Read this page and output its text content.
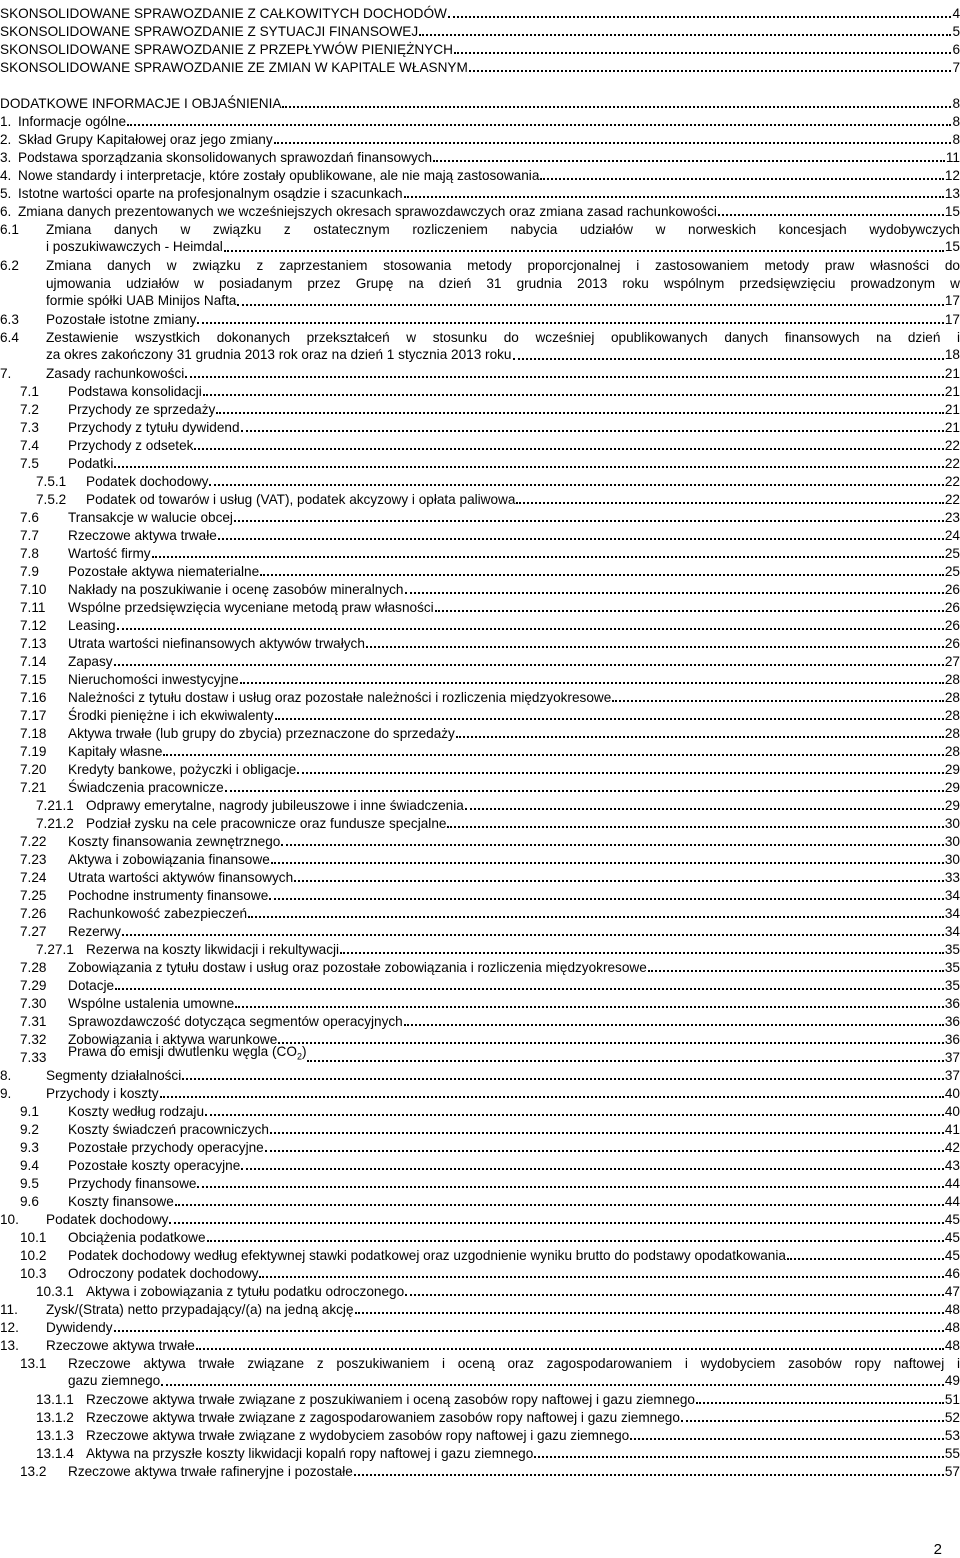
SKONSOLIDOWANE SPRAWOZDANIE Z CAŁKOWITYCH DOCHODÓW	4
SKONSOLIDOWANE SPRAWOZDANIE Z SYTUACJI FINANSOWEJ	5
SKONSOLIDOWANE SPRAWOZDANIE Z PRZEPŁYWÓW PIENIĘŻNYCH	6
SKONSOLIDOWANE SPRAWOZDANIE ZE ZMIAN W KAPITALE WŁASNYM	7
DODATKOWE INFORMACJE I OBJAŚNIENIA	8
1. Informacje ogólne	8
2. Skład Grupy Kapitałowej oraz jego zmiany	8
3. Podstawa sporządzania skonsolidowanych sprawozdań finansowych	11
4. Nowe standardy i interpretacje, które zostały opublikowane, ale nie mają zastosowania	12
5. Istotne wartości oparte na profesjonalnym osądzie i szacunkach	13
6. Zmiana danych prezentowanych we wcześniejszych okresach sprawozdawczych oraz zmiana zasad rachunkowości	15
6.1 Zmiana danych w związku z ostatecznym rozliczeniem nabycia udziałów w norweskich koncesjach wydobywczych
i poszukiwawczych - Heimdal	15
6.2 Zmiana danych w związku z zaprzestaniem stosowania metody proporcjonalnej i zastosowaniem metody praw własności do
ujmowania udziałów w posiadanym przez Grupę na dzień 31 grudnia 2013 roku wspólnym przedsięwzięciu prowadzonym w
formie spółki UAB Minijos Nafta	17
6.3 Pozostałe istotne zmiany	17
6.4 Zestawienie wszystkich dokonanych przekształceń w stosunku do wcześniej opublikowanych danych finansowych na dzień i
za okres zakończony 31 grudnia 2013 rok oraz na dzień 1 stycznia 2013 roku	18
7.	Zasady rachunkowości	21
7.1 Podstawa konsolidacji	21
7.2 Przychody ze sprzedaży	21
7.3 Przychody z tytułu dywidend	21
7.4 Przychody z odsetek	22
7.5 Podatki	22
7.5.1 Podatek dochodowy	22
7.5.2 Podatek od towarów i usług (VAT), podatek akcyzowy i opłata paliwowa	22
7.6 Transakcje w walucie obcej	23
7.7 Rzeczowe aktywa trwałe	24
7.8 Wartość firmy	25
7.9 Pozostałe aktywa niematerialne	25
7.10 Nakłady na poszukiwanie i ocenę zasobów mineralnych	26
7.11 Wspólne przedsięwzięcia wyceniane metodą praw własności	26
7.12 Leasing	26
7.13 Utrata wartości niefinansowych aktywów trwałych	26
7.14 Zapasy	27
7.15 Nieruchomości inwestycyjne	28
7.16 Należności z tytułu dostaw i usług oraz pozostałe należności i rozliczenia międzyokresowe	28
7.17 Środki pieniężne i ich ekwiwalenty	28
7.18 Aktywa trwałe (lub grupy do zbycia) przeznaczone do sprzedaży	28
7.19 Kapitały własne	28
7.20 Kredyty bankowe, pożyczki i obligacje	29
7.21 Świadczenia pracownicze	29
7.21.1 Odprawy emerytalne, nagrody jubileuszowe i inne świadczenia	29
7.21.2 Podział zysku na cele pracownicze oraz fundusze specjalne	30
7.22 Koszty finansowania zewnętrznego	30
7.23 Aktywa i zobowiązania finansowe	30
7.24 Utrata wartości aktywów finansowych	33
7.25 Pochodne instrumenty finansowe	34
7.26 Rachunkowość zabezpieczeń	34
7.27 Rezerwy	34
7.27.1 Rezerwa na koszty likwidacji i rekultywacji	35
7.28 Zobowiązania z tytułu dostaw i usług oraz pozostałe zobowiązania i rozliczenia międzyokresowe	35
7.29 Dotacje	35
7.30 Wspólne ustalenia umowne	36
7.31 Sprawozdawczość dotycząca segmentów operacyjnych	36
7.32 Zobowiązania i aktywa warunkowe	36
7.33 Prawa do emisji dwutlenku węgla $(CO_2)$	37
8.	Segmenty działalności	37
9.	Przychody i koszty	40
9.1 Koszty według rodzaju	40
9.2 Koszty świadczeń pracowniczych	41
9.3 Pozostałe przychody operacyjne	42
9.4 Pozostałe koszty operacyjne	43
9.5 Przychody finansowe	44
9.6 Koszty finansowe	44
10. Podatek dochodowy	45
10.1 Obciążenia podatkowe	45
10.2 Podatek dochodowy według efektywnej stawki podatkowej oraz uzgodnienie wyniku brutto do podstawy opodatkowania	45
10.3 Odroczony podatek dochodowy	46
10.3.1 Aktywa i zobowiązania z tytułu podatku odroczonego	47
11. Zysk/(Strata) netto przypadający/(a) na jedną akcję	48
12. Dywidendy	48
13. Rzeczowe aktywa trwałe	48
13.1 Rzeczowe aktywa trwałe związane z poszukiwaniem i oceną oraz zagospodarowaniem i wydobyciem zasobów ropy naftowej i
gazu ziemnego	49
13.1.1 Rzeczowe aktywa trwałe związane z poszukiwaniem i oceną zasobów ropy naftowej i gazu ziemnego	51
13.1.2 Rzeczowe aktywa trwałe związane z zagospodarowaniem zasobów ropy naftowej i gazu ziemnego	52
13.1.3 Rzeczowe aktywa trwałe związane z wydobyciem zasobów ropy naftowej i gazu ziemnego	53
13.1.4 Aktywa na przyszłe koszty likwidacji kopalń ropy naftowej i gazu ziemnego	55
13.2 Rzeczowe aktywa trwałe rafineryjne i pozostałe	57
2
